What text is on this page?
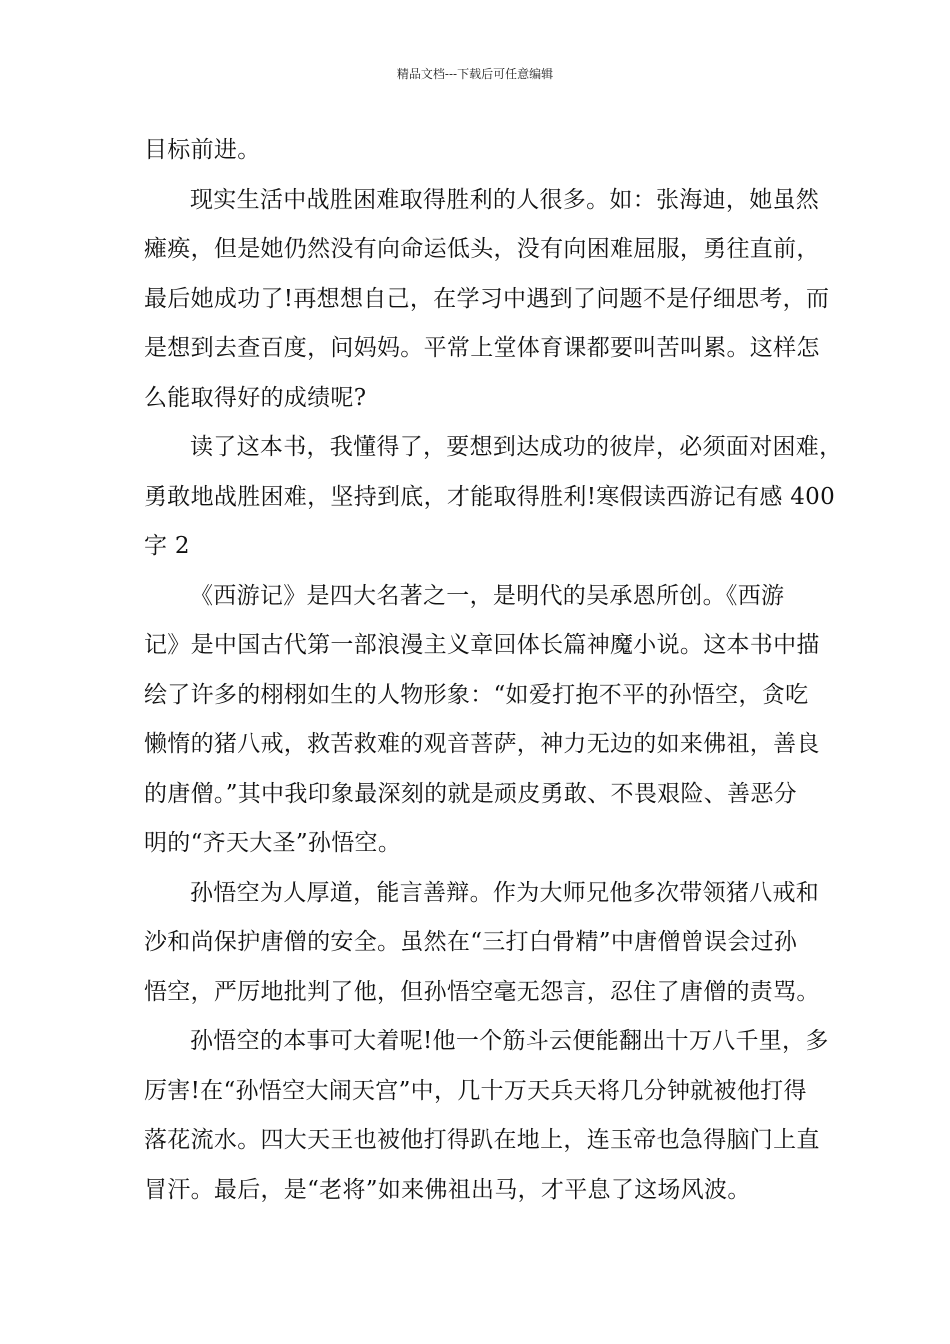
精品文档---下载后可任意编辑
目标前进。
现实生活中战胜困难取得胜利的人很多。如：张海迪，她虽然
瘫痪，但是她仍然没有向命运低头，没有向困难屈服，勇往直前，
最后她成功了!再想想自己，在学习中遇到了问题不是仔细思考，而
是想到去查百度，问妈妈。平常上堂体育课都要叫苦叫累。这样怎
么能取得好的成绩呢?
读了这本书，我懂得了，要想到达成功的彼岸，必须面对困难，
勇敢地战胜困难，坚持到底，才能取得胜利!寒假读西游记有感 400
字 2
《西游记》是四大名著之一，是明代的吴承恩所创。《西游
记》是中国古代第一部浪漫主义章回体长篇神魔小说。这本书中描
绘了许多的栩栩如生的人物形象：“如爱打抱不平的孙悟空，贪吃
懒惰的猪八戒，救苦救难的观音菩萨，神力无边的如来佛祖，善良
的唐僧。”其中我印象最深刻的就是顽皮勇敢、不畏艰险、善恶分
明的“齐天大圣”孙悟空。
孙悟空为人厚道，能言善辩。作为大师兄他多次带领猪八戒和
沙和尚保护唐僧的安全。虽然在“三打白骨精”中唐僧曾误会过孙
悟空，严厉地批判了他，但孙悟空毫无怨言，忍住了唐僧的责骂。
孙悟空的本事可大着呢!他一个筋斗云便能翻出十万八千里，多
厉害!在“孙悟空大闹天宫”中，几十万天兵天将几分钟就被他打得
落花流水。四大天王也被他打得趴在地上，连玉帝也急得脑门上直
冒汗。最后，是“老将”如来佛祖出马，才平息了这场风波。
